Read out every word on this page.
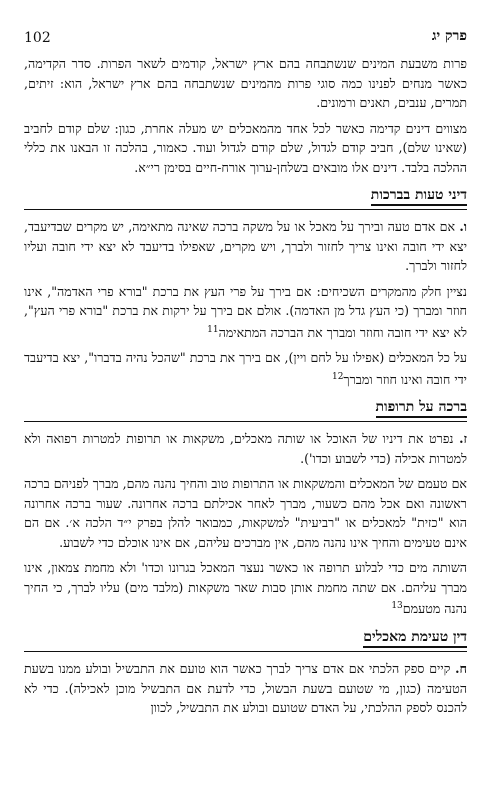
102	פרק יג

פרות משבעת המינים שנשתבחה בהם ארץ ישראל, קודמים לשאר הפרות. סדר הקדימה, כאשר מנחים לפנינו כמה סוגי פרות מהמינים שנשתבחה בהם ארץ ישראל, הוא: זיתים, תמרים, ענבים, תאנים ורמונים.

מצווים דינים קדימה כאשר לכל אחד מהמאכלים יש מעלה אחרת, כגון: שלם קודם לחביב (שאינו שלם), חביב קודם לגדול, שלם קודם לגדול ועוד. כאמור, בהלכה זו הבאנו את כללי ההלכה בלבד. דינים אלו מובאים בשלחן-ערוך אורח-חיים בסימן רי״א.

דיני טעות בברכות

ו. אם אדם טעה ובירך על מאכל או על משקה ברכה שאינה מתאימה, יש מקרים שבדיעבד, יצא ידי חובה ואינו צריך לחזור ולברך, ויש מקרים, שאפילו בדיעבד לא יצא ידי חובה ועליו לחזור ולברך.

נציין חלק מהמקרים השכיחים: אם בירך על פרי העץ את ברכת "בורא פרי האדמה", אינו חוזר ומברך (כי העץ גדל מן האדמה). אולם אם בירך על ירקות את ברכת "בורא פרי העץ", לא יצא ידי חובה וחוזר ומברך את הברכה המתאימה$^{11}$

על כל המאכלים (אפילו על לחם ויין), אם בירך את ברכת "שהכל נהיה בדברו", יצא בדיעבד ידי חובה ואינו חוזר ומברך$^{12}$

ברכה על תרופות

ז. נפרט את דיניו של האוכל או שותה מאכלים, משקאות או תרופות למטרות רפואה ולא למטרות אכילה (כדי לשבוע וכדו').

אם טעמם של המאכלים והמשקאות או התרופות טוב והחיך נהנה מהם, מברך לפניהם ברכה ראשונה ואם אכל מהם כשעור, מברך לאחר אכילתם ברכה אחרונה. שעור ברכה אחרונה הוא "כזית" למאכלים או "רביעית" למשקאות, כמבואר להלן בפרק י״ד הלכה א׳. אם הם אינם טעימים והחיך אינו נהנה מהם, אין מברכים עליהם, אם אינו אוכלם כדי לשבוע.

השותה מים כדי לבלוע תרופה או כאשר נעצר המאכל בגרונו וכדו' ולא מחמת צמאון, אינו מברך עליהם. אם שתה מחמת אותן סבות שאר משקאות (מלבד מים) עליו לברך, כי החיך נהנה מטעמם$^{13}$

דין טעימת מאכלים

ח. קיים ספק הלכתי אם אדם צריך לברך כאשר הוא טועם את התבשיל ובולע ממנו בשעת הטעימה (כגון, מי שטועם בשעת הבשול, כדי לדעת אם התבשיל מוכן לאכילה). כדי לא להכנס לספק ההלכתי, על האדם שטועם ובולע את התבשיל, לכוון
